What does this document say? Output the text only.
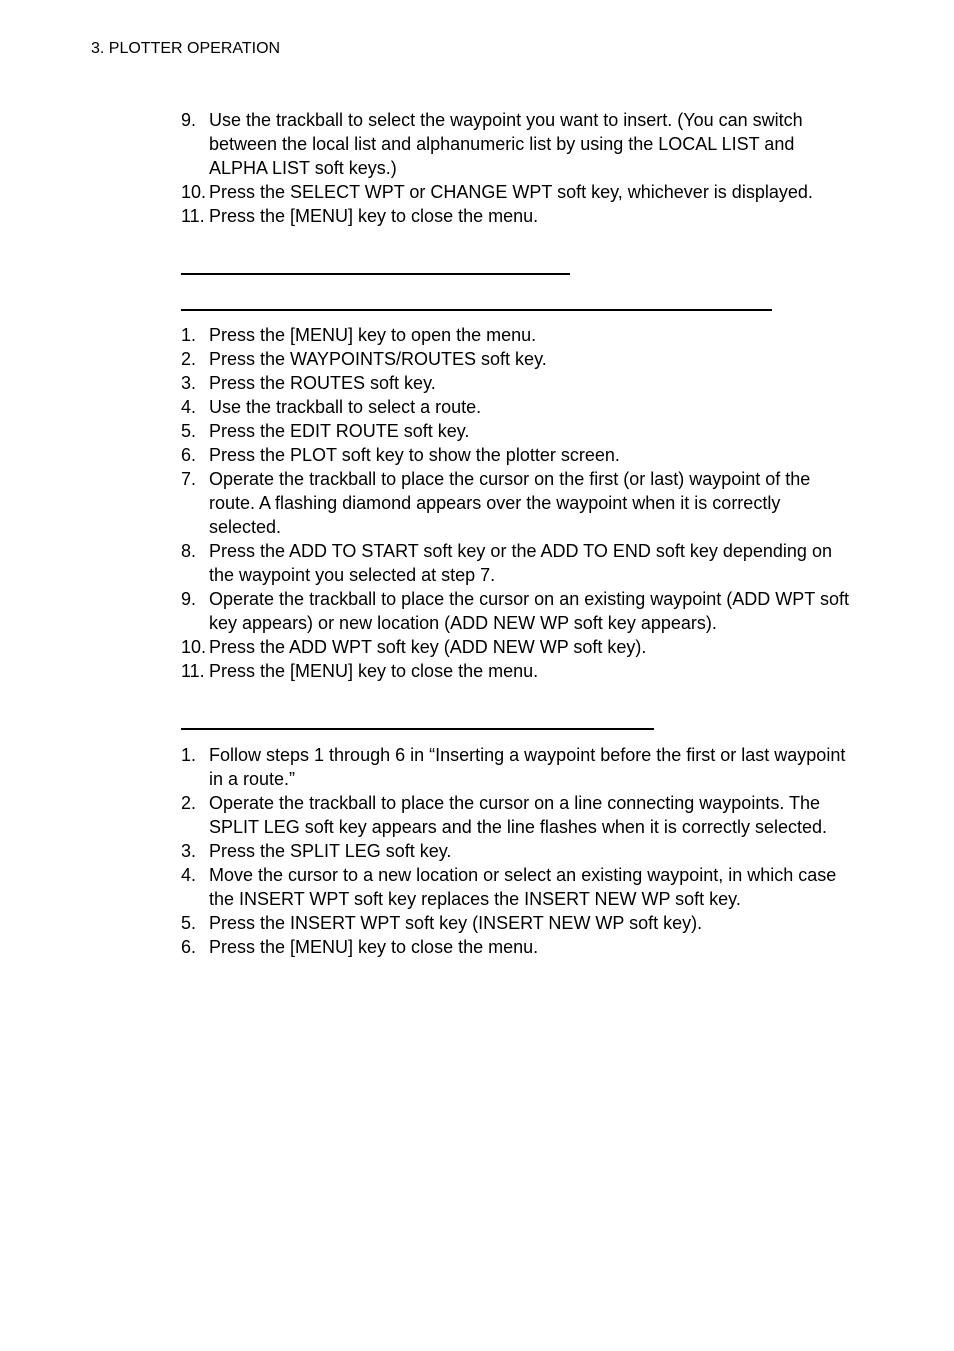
3. PLOTTER OPERATION
9. Use the trackball to select the waypoint you want to insert. (You can switch between the local list and alphanumeric list by using the LOCAL LIST and ALPHA LIST soft keys.)
10. Press the SELECT WPT or CHANGE WPT soft key, whichever is displayed.
11. Press the [MENU] key to close the menu.
1. Press the [MENU] key to open the menu.
2. Press the WAYPOINTS/ROUTES soft key.
3. Press the ROUTES soft key.
4. Use the trackball to select a route.
5. Press the EDIT ROUTE soft key.
6. Press the PLOT soft key to show the plotter screen.
7. Operate the trackball to place the cursor on the first (or last) waypoint of the route. A flashing diamond appears over the waypoint when it is correctly selected.
8. Press the ADD TO START soft key or the ADD TO END soft key depending on the waypoint you selected at step 7.
9. Operate the trackball to place the cursor on an existing waypoint (ADD WPT soft key appears) or new location (ADD NEW WP soft key appears).
10. Press the ADD WPT soft key (ADD NEW WP soft key).
11. Press the [MENU] key to close the menu.
1. Follow steps 1 through 6 in “Inserting a waypoint before the first or last waypoint in a route.”
2. Operate the trackball to place the cursor on a line connecting waypoints. The SPLIT LEG soft key appears and the line flashes when it is correctly selected.
3. Press the SPLIT LEG soft key.
4. Move the cursor to a new location or select an existing waypoint, in which case the INSERT WPT soft key replaces the INSERT NEW WP soft key.
5. Press the INSERT WPT soft key (INSERT NEW WP soft key).
6. Press the [MENU] key to close the menu.
